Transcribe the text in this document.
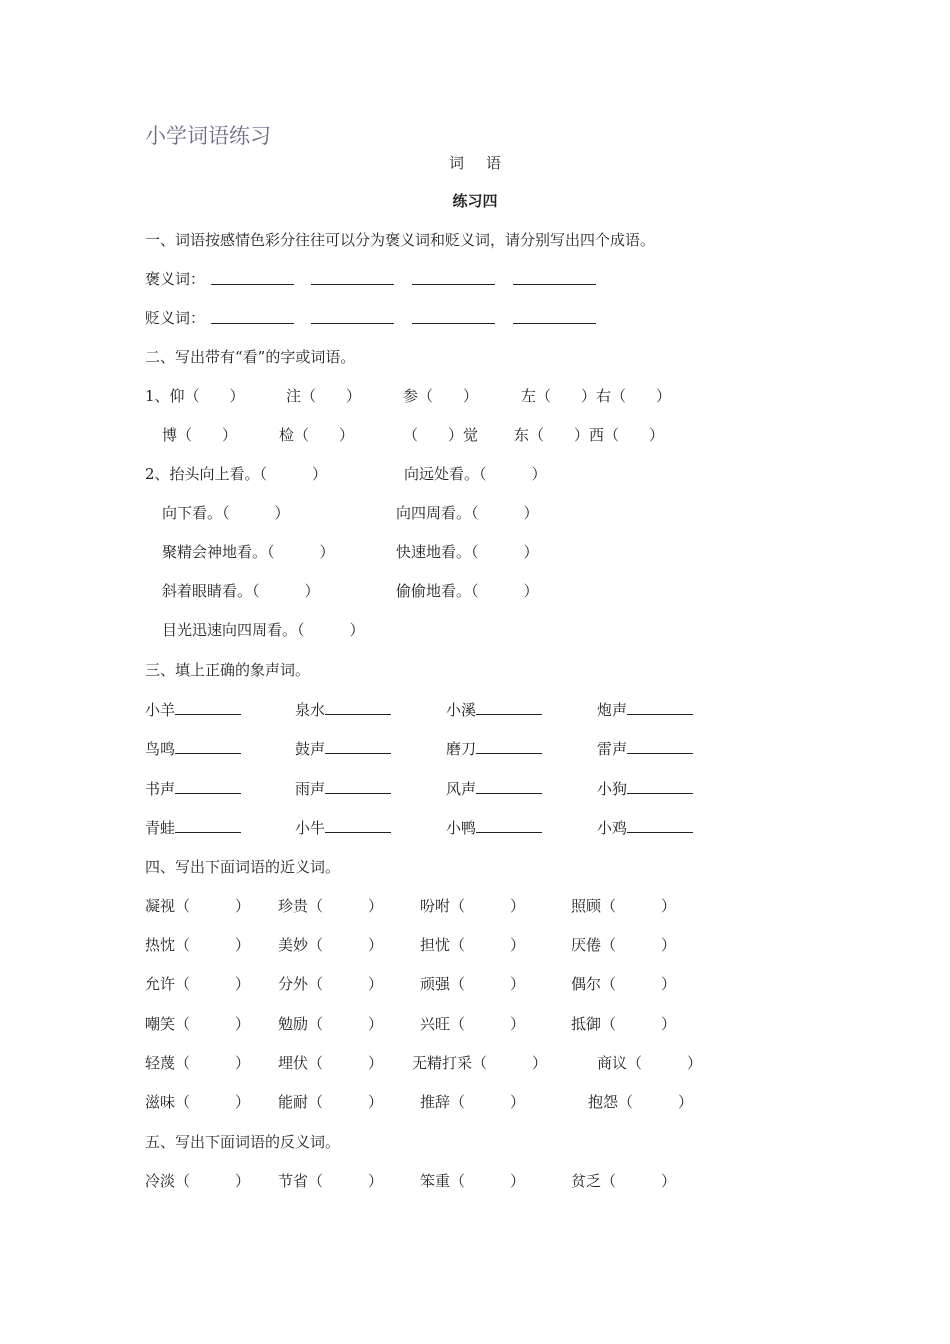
小学词语练习
词语
练习四
一、词语按感情色彩分往往可以分为褒义词和贬义词，请分别写出四个成语。
褒义词：
贬义词：
二、写出带有“看”的字或词语。
1、仰（　　）	注（　　）	参（　　）	左（　　）右（　　）
博（　　）	检（　　）	（　　）觉 东（　　）西（　　）
2、抬头向上看。（　　　）	向远处看。（　　　）
向下看。（　　　）	向四周看。（　　　）
聚精会神地看。（　　　）	快速地看。（　　　）
斜着眼睛看。（　　　）	偷偷地看。（　　　）
目光迅速向四周看。（　　　）
三、填上正确的象声词。
小羊	泉水	小溪	炮声
鸟鸣	鼓声	磨刀	雷声
书声	雨声	风声	小狗
青蛙	小牛	小鸭	小鸡
四、写出下面词语的近义词。
凝视（　　　） 珍贵（　　　） 吩咐（　　　）	照顾（　　　）
热忱（　　　） 美妙（　　　） 担忧（　　　）	厌倦（　　　）
允许（　　　） 分外（　　　） 顽强（　　　）	偶尔（　　　）
嘲笑（　　　） 勉励（　　　） 兴旺（　　　）	抵御（　　　）
轻蔑（　　　） 埋伏（　　　） 无精打采（　　　）	商议（　　　）
滋味（　　　） 能耐（　　　） 推辞（　　　）	抱怨（　　　）
五、写出下面词语的反义词。
冷淡（　　　） 节省（　　　） 笨重（　　　）	贫乏（　　　）
